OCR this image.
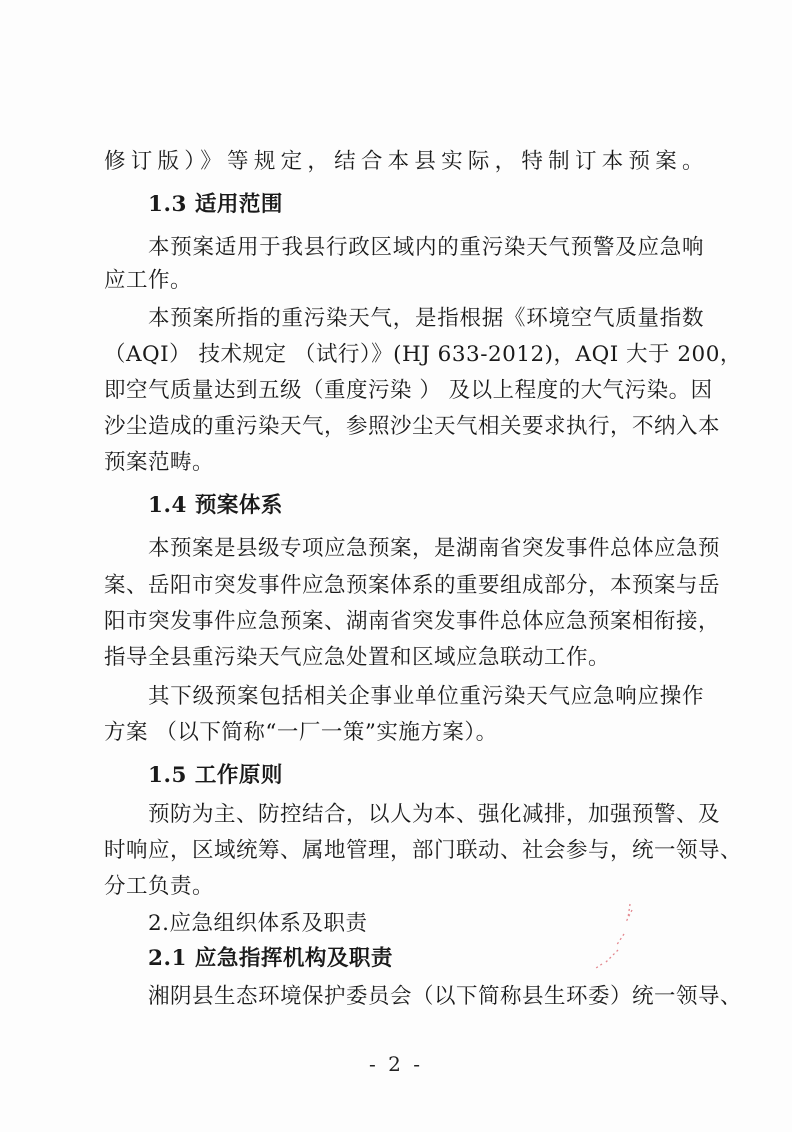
修订版）》等规定，结合本县实际，特制订本预案。
1.3 适用范围
本预案适用于我县行政区域内的重污染天气预警及应急响
应工作。
本预案所指的重污染天气，是指根据《环境空气质量指数
（AQI） 技术规定 （试行）》(HJ 633-2012)，AQI 大于 200，
即空气质量达到五级（重度污染 ） 及以上程度的大气污染。因
沙尘造成的重污染天气，参照沙尘天气相关要求执行，不纳入本
预案范畴。
1.4 预案体系
本预案是县级专项应急预案，是湖南省突发事件总体应急预
案、岳阳市突发事件应急预案体系的重要组成部分，本预案与岳
阳市突发事件应急预案、湖南省突发事件总体应急预案相衔接，
指导全县重污染天气应急处置和区域应急联动工作。
其下级预案包括相关企事业单位重污染天气应急响应操作
方案 （以下简称“一厂一策”实施方案）。
1.5 工作原则
预防为主、防控结合，以人为本、强化减排，加强预警、及
时响应，区域统筹、属地管理，部门联动、社会参与，统一领导、
分工负责。
2.应急组织体系及职责
2.1 应急指挥机构及职责
湘阴县生态环境保护委员会（以下简称县生环委）统一领导、
- 2 -
